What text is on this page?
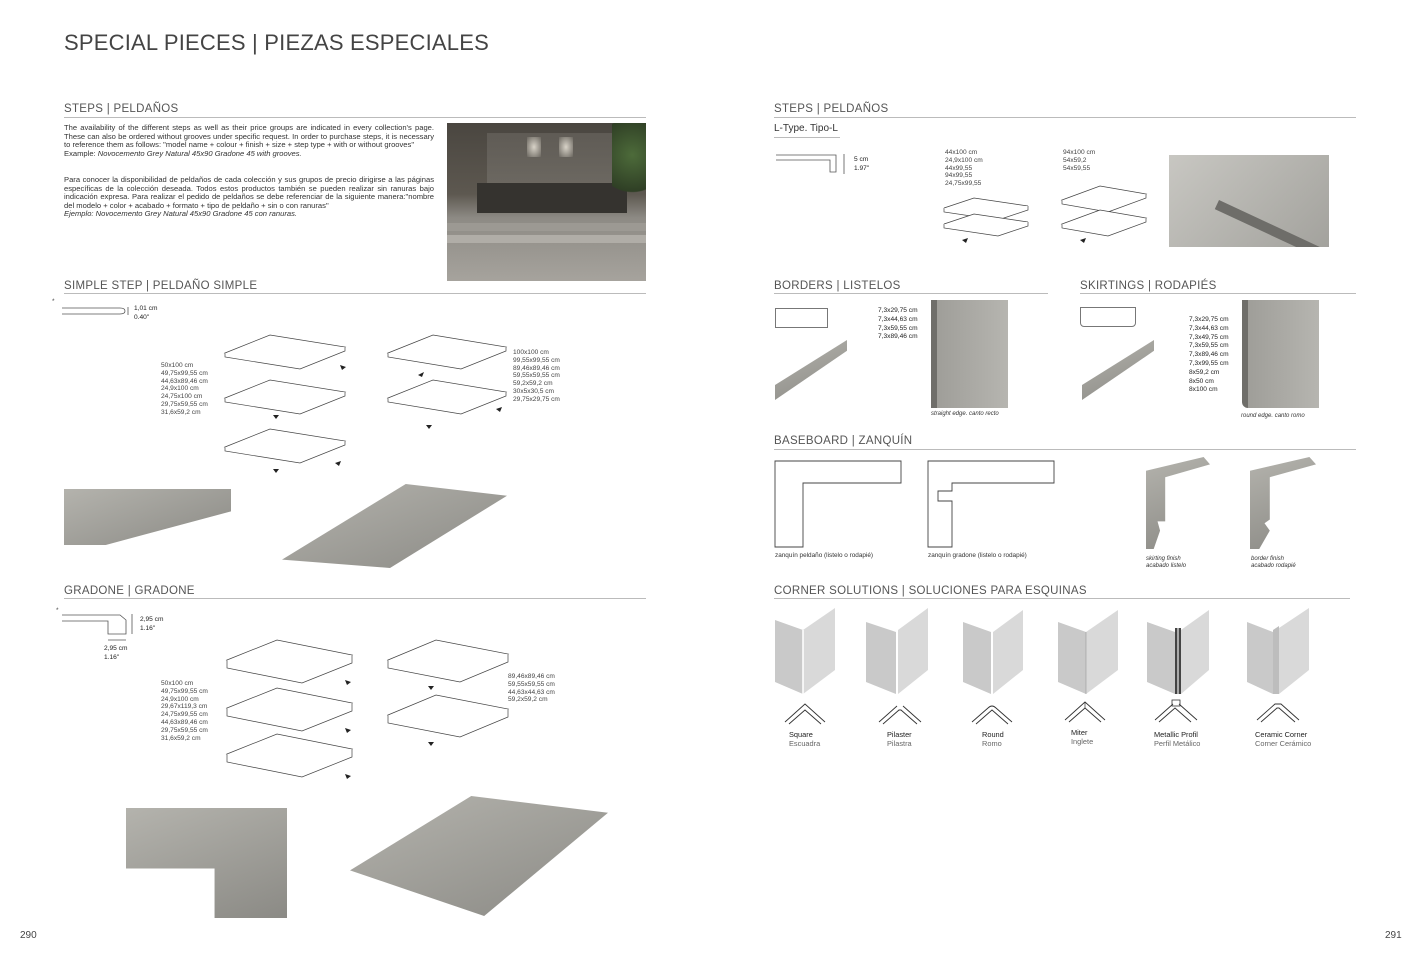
SPECIAL PIECES | PIEZAS ESPECIALES
STEPS | PELDAÑOS
The availability of the different steps as well as their price groups are indicated in every collection's page. These can also be ordered without grooves under specific request. In order to purchase steps, it is necessary to reference them as follows: "model name + colour + finish + size + step type + with or without grooves"
Example: Novocemento Grey Natural 45x90 Gradone 45 with grooves.
Para conocer la disponibilidad de peldaños de cada colección y sus grupos de precio dirigirse a las páginas específicas de la colección deseada. Todos estos productos también se pueden realizar sin ranuras bajo indicación expresa. Para realizar el pedido de peldaños se debe referenciar de la siguiente manera:"nombre del modelo + color + acabado + formato + tipo de peldaño + sin o con ranuras"
Ejemplo: Novocemento Grey Natural 45x90 Gradone 45 con ranuras.
SIMPLE STEP | PELDAÑO SIMPLE
*
1,01 cm
0.40"
50x100 cm
49,75x99,55 cm
44,63x89,46 cm
24,9x100 cm
24,75x100 cm
29,75x59,55 cm
31,6x59,2 cm
100x100 cm
99,55x99,55 cm
89,46x89,46 cm
59,55x59,55 cm
59,2x59,2 cm
30x5x30,5 cm
29,75x29,75 cm
GRADONE | GRADONE
*
2,95 cm
1.16"
2,95 cm
1.16"
50x100 cm
49,75x99,55 cm
24,9x100 cm
29,67x119,3 cm
24,75x99,55 cm
44,63x89,46 cm
29,75x59,55 cm
31,6x59,2 cm
89,46x89,46 cm
59,55x59,55 cm
44,63x44,63 cm
59,2x59,2 cm
290
STEPS | PELDAÑOS
L-Type. Tipo-L
5 cm
1.97"
44x100 cm
24,9x100 cm
44x99,55
94x99,55
24,75x99,55
94x100 cm
54x59,2
54x59,55
BORDERS | LISTELOS
7,3x29,75 cm
7,3x44,63 cm
7,3x59,55 cm
7,3x89,46 cm
straight edge. canto recto
SKIRTINGS | RODAPIÉS
7,3x29,75 cm
7,3x44,63 cm
7,3x49,75 cm
7,3x59,55 cm
7,3x89,46 cm
7,3x99,55 cm
8x59,2 cm
8x50 cm
8x100 cm
round edge. canto romo
BASEBOARD | ZANQUÍN
zanquín peldaño (listelo o rodapié)	zanquín gradone (listelo o rodapié)	skirting finish
acabado listelo
border finish
acabado rodapié
CORNER SOLUTIONS | SOLUCIONES PARA ESQUINAS
Square
Escuadra
Pilaster
Pilastra
Round
Romo
Miter
Inglete
Metallic Profil
Perfil Metálico
Ceramic Corner
Corner Cerámico
291
